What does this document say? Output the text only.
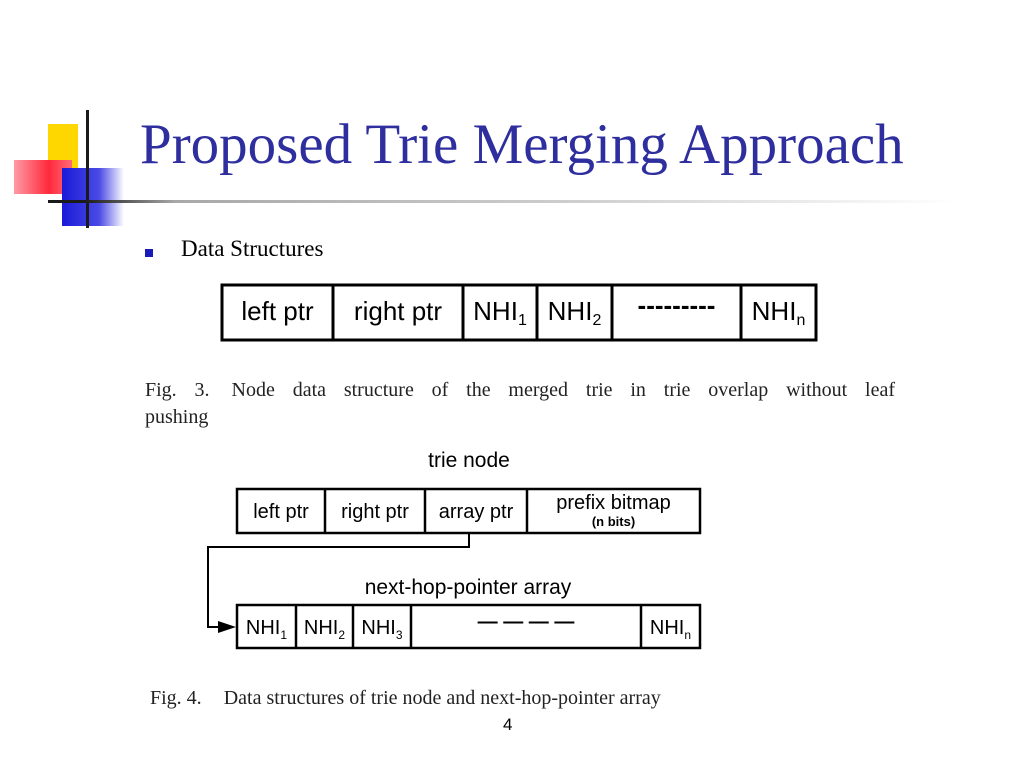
Proposed Trie Merging Approach
Data Structures
left ptr right ptr NHI1 NHI2
--------- NHIn
left ptr right ptr array ptr prefix bitmap
(n bits)
trie node
next-hop-pointer array
$NHI_1$ $NHI_2$ $NHI_3$
— — — —	$NHI_n$
Fig. 3. Node data structure of the merged trie in trie overlap without leaf
pushing
Fig. 4. Data structures of trie node and next-hop-pointer array
4
